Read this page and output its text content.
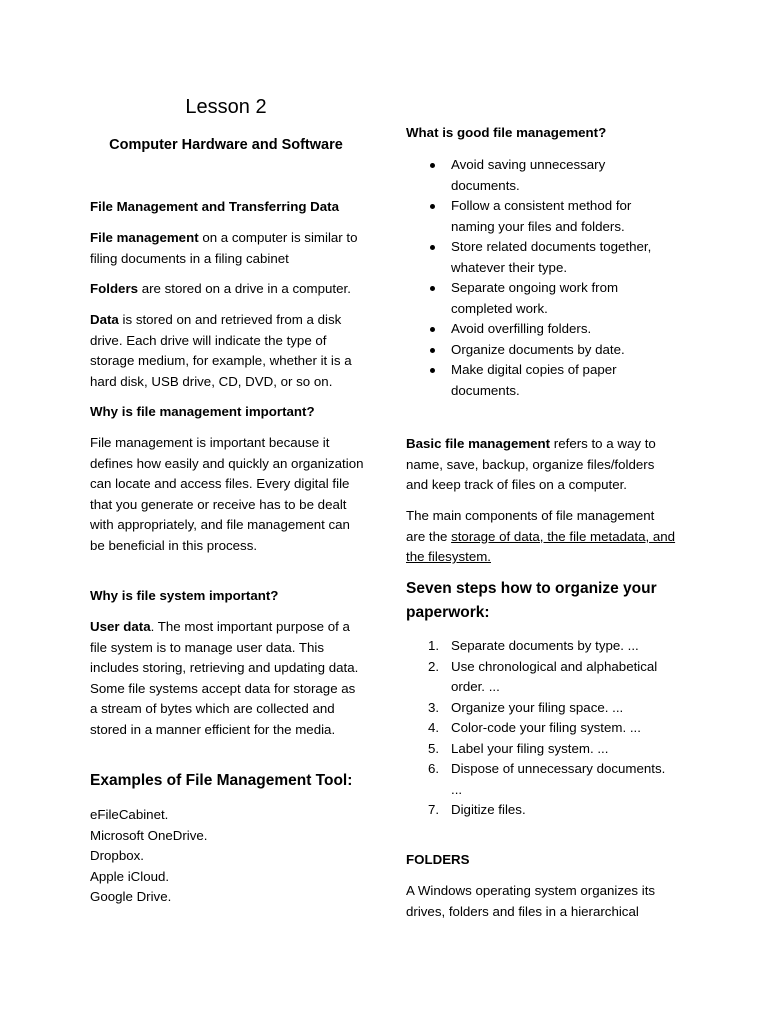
Lesson 2
Computer Hardware and Software

File Management and Transferring Data

File management on a computer is similar to filing documents in a filing cabinet

Folders are stored on a drive in a computer.

Data is stored on and retrieved from a disk drive. Each drive will indicate the type of storage medium, for example, whether it is a hard disk, USB drive, CD, DVD, or so on.

Why is file management important?

File management is important because it defines how easily and quickly an organization can locate and access files. Every digital file that you generate or receive has to be dealt with appropriately, and file management can be beneficial in this process.

Why is file system important?

User data. The most important purpose of a file system is to manage user data. This includes storing, retrieving and updating data. Some file systems accept data for storage as a stream of bytes which are collected and stored in a manner efficient for the media.

Examples of File Management Tool:

eFileCabinet.
Microsoft OneDrive.
Dropbox.
Apple iCloud.
Google Drive.

What is good file management?

Avoid saving unnecessary documents.
Follow a consistent method for naming your files and folders.
Store related documents together, whatever their type.
Separate ongoing work from completed work.
Avoid overfilling folders.
Organize documents by date.
Make digital copies of paper documents.

Basic file management refers to a way to name, save, backup, organize files/folders and keep track of files on a computer.

The main components of file management are the storage of data, the file metadata, and the filesystem.

Seven steps how to organize your paperwork:

1. Separate documents by type. ...
2. Use chronological and alphabetical order. ...
3. Organize your filing space. ...
4. Color-code your filing system. ...
5. Label your filing system. ...
6. Dispose of unnecessary documents. ...
7. Digitize files.

FOLDERS

A Windows operating system organizes its drives, folders and files in a hierarchical
